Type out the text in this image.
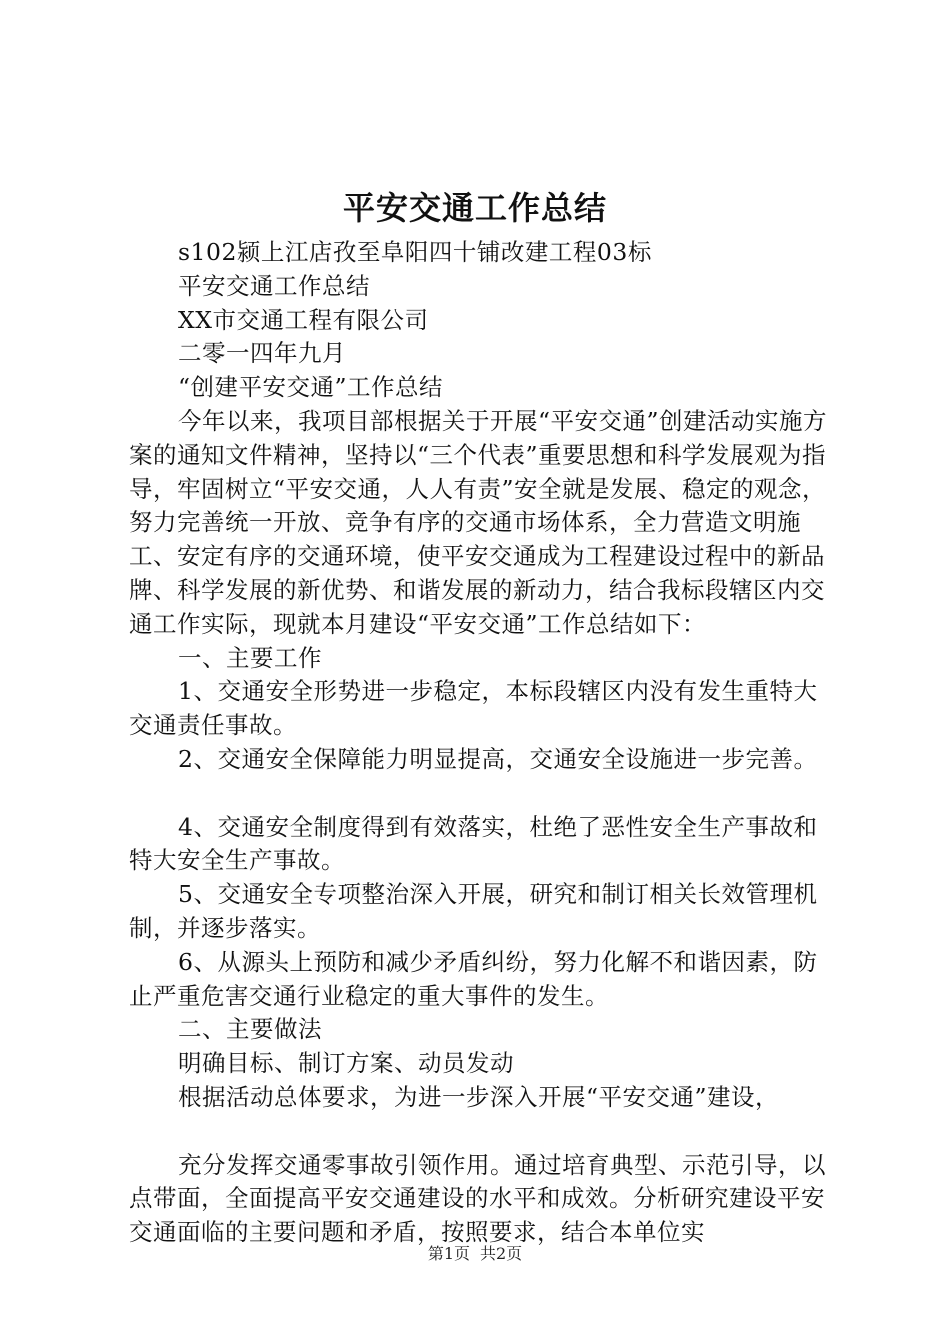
平安交通工作总结

s102颍上江店孜至阜阳四十铺改建工程03标

平安交通工作总结

XX市交通工程有限公司

二零一四年九月

“创建平安交通”工作总结

今年以来，我项目部根据关于开展“平安交通”创建活动实施方案的通知文件精神，坚持以“三个代表”重要思想和科学发展观为指导，牢固树立“平安交通，人人有责”安全就是发展、稳定的观念，努力完善统一开放、竞争有序的交通市场体系，全力营造文明施工、安定有序的交通环境，使平安交通成为工程建设过程中的新品牌、科学发展的新优势、和谐发展的新动力，结合我标段辖区内交通工作实际，现就本月建设“平安交通”工作总结如下：

一、主要工作

1、交通安全形势进一步稳定，本标段辖区内没有发生重特大交通责任事故。

2、交通安全保障能力明显提高，交通安全设施进一步完善。

4、交通安全制度得到有效落实，杜绝了恶性安全生产事故和特大安全生产事故。

5、交通安全专项整治深入开展，研究和制订相关长效管理机制，并逐步落实。

6、从源头上预防和减少矛盾纠纷，努力化解不和谐因素，防止严重危害交通行业稳定的重大事件的发生。

二、主要做法

明确目标、制订方案、动员发动

根据活动总体要求，为进一步深入开展“平安交通”建设，

充分发挥交通零事故引领作用。通过培育典型、示范引导，以点带面，全面提高平安交通建设的水平和成效。分析研究建设平安交通面临的主要问题和矛盾，按照要求，结合本单位实

第1页 共2页
